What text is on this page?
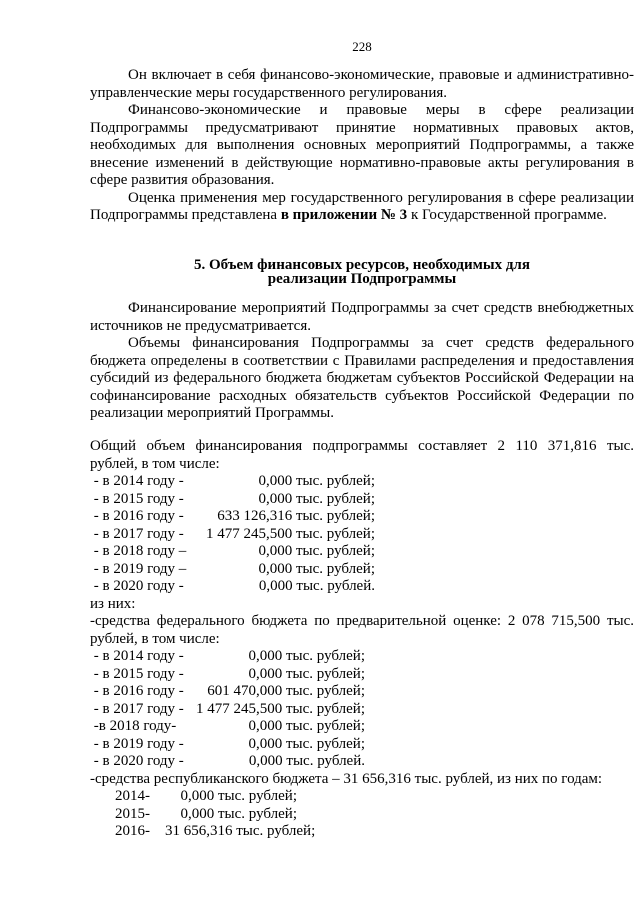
228

Он включает в себя финансово-экономические, правовые и административно-управленческие меры государственного регулирования.

Финансово-экономические и правовые меры в сфере реализации Подпрограммы предусматривают принятие нормативных правовых актов, необходимых для выполнения основных мероприятий Подпрограммы, а также внесение изменений в действующие нормативно-правовые акты регулирования в сфере развития образования.

Оценка применения мер государственного регулирования в сфере реализации Подпрограммы представлена в приложении № 3 к Государственной программе.

5. Объем финансовых ресурсов, необходимых для

реализации Подпрограммы

Финансирование мероприятий Подпрограммы за счет средств внебюджетных источников не предусматривается.

Объемы финансирования Подпрограммы за счет средств федерального бюджета определены в соответствии с Правилами распределения и предоставления субсидий из федерального бюджета бюджетам субъектов Российской Федерации на софинансирование расходных обязательств субъектов Российской Федерации по реализации мероприятий Программы.

Общий объем финансирования подпрограммы составляет 2 110 371,816 тыс.

рублей, в том числе:

- в 2014 году -	0,000 тыс. рублей;
- в 2015 году -	0,000 тыс. рублей;
- в 2016 году -	633 126,316 тыс. рублей;
- в 2017 году -	1 477 245,500 тыс. рублей;
- в 2018 году –	0,000 тыс. рублей;
- в 2019 году –	0,000 тыс. рублей;
- в 2020 году -	0,000 тыс. рублей.

из них:

-средства федерального бюджета по предварительной оценке: 2 078 715,500 тыс.

рублей, в том числе:

- в 2014 году -	0,000 тыс. рублей;
- в 2015 году -	0,000 тыс. рублей;
- в 2016 году -	601 470,000 тыс. рублей;
- в 2017 году - 1 477 245,500 тыс. рублей;
-в 2018 году-	0,000 тыс. рублей;
- в 2019 году -	0,000 тыс. рублей;
- в 2020 году -	0,000 тыс. рублей.

-средства республиканского бюджета – 31 656,316 тыс. рублей, из них по годам:

2014-	0,000 тыс. рублей;
2015-	0,000 тыс. рублей;
2016-	31 656,316 тыс. рублей;
